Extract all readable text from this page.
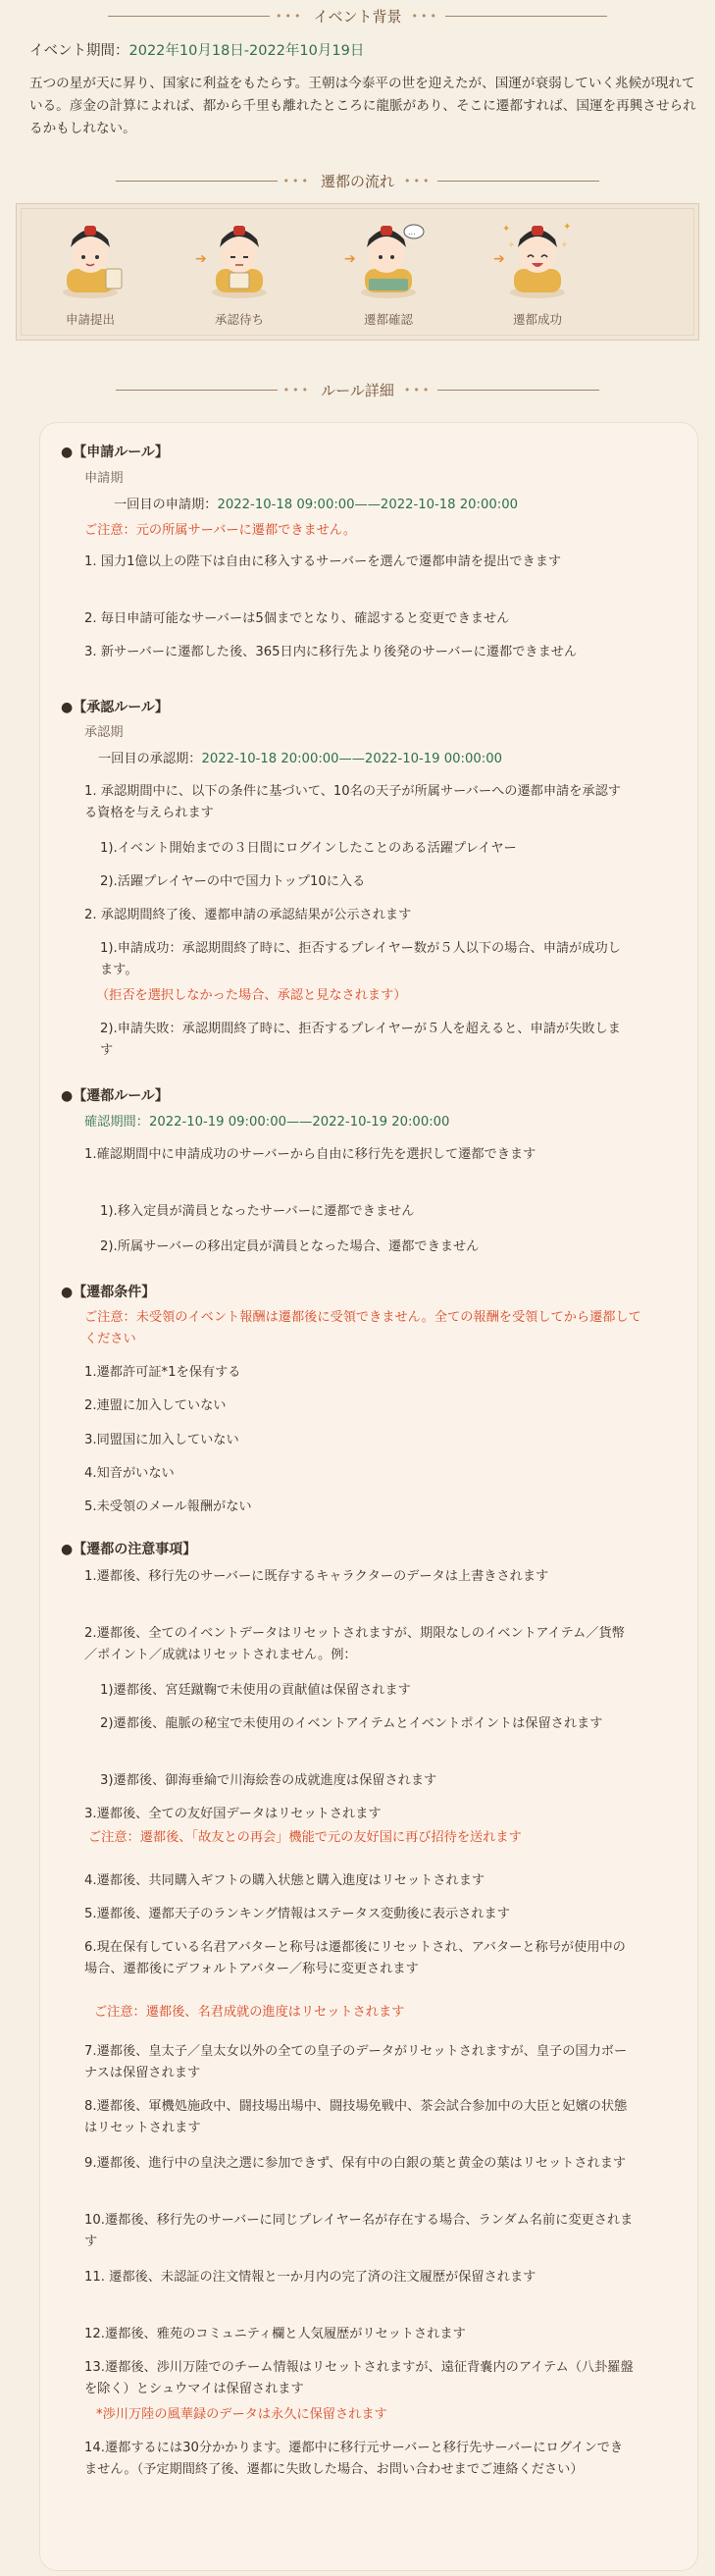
••• イベント背景 •••
イベント期間：2022年10月18日-2022年10月19日
五つの星が天に昇り、国家に利益をもたらす。王朝は今泰平の世を迎えたが、国運が衰弱していく兆候が現れている。彦金の計算によれば、都から千里も離れたところに龍脈があり、そこに遷都すれば、国運を再興させられるかもしれない。
••• 遷都の流れ •••
申請提出
➔
承認待ち
➔
...
遷都確認
➔
✦	✦
✧	✧
遷都成功
••• ルール詳細 •••
●【申請ルール】
申請期
一回目の申請期：2022-10-18 09:00:00——2022-10-18 20:00:00
ご注意：元の所属サーバーに遷都できません。
1. 国力1億以上の陛下は自由に移入するサーバーを選んで遷都申請を提出できます
2. 毎日申請可能なサーバーは5個までとなり、確認すると変更できません
3. 新サーバーに遷都した後、365日内に移行先より後発のサーバーに遷都できません
●【承認ルール】
承認期
一回目の承認期：2022-10-18 20:00:00——2022-10-19 00:00:00
1. 承認期間中に、以下の条件に基づいて、10名の天子が所属サーバーへの遷都申請を承認する資格を与えられます
1).イベント開始までの３日間にログインしたことのある活躍プレイヤー
2).活躍プレイヤーの中で国力トップ10に入る
2. 承認期間終了後、遷都申請の承認結果が公示されます
1).申請成功：承認期間終了時に、拒否するプレイヤー数が５人以下の場合、申請が成功します。
（拒否を選択しなかった場合、承認と見なされます）
2).申請失敗：承認期間終了時に、拒否するプレイヤーが５人を超えると、申請が失敗します
●【遷都ルール】
確認期間：2022-10-19 09:00:00——2022-10-19 20:00:00
1.確認期間中に申請成功のサーバーから自由に移行先を選択して遷都できます
1).移入定員が満員となったサーバーに遷都できません
2).所属サーバーの移出定員が満員となった場合、遷都できません
●【遷都条件】
ご注意：未受領のイベント報酬は遷都後に受領できません。全ての報酬を受領してから遷都してください
1.遷都許可証*1を保有する
2.連盟に加入していない
3.同盟国に加入していない
4.知音がいない
5.未受領のメール報酬がない
●【遷都の注意事項】
1.遷都後、移行先のサーバーに既存するキャラクターのデータは上書きされます
2.遷都後、全てのイベントデータはリセットされますが、期限なしのイベントアイテム／貨幣／ポイント／成就はリセットされません。例：
1)遷都後、宮廷蹴鞠で未使用の貢献値は保留されます
2)遷都後、龍脈の秘宝で未使用のイベントアイテムとイベントポイントは保留されます
3)遷都後、御海垂綸で川海絵巻の成就進度は保留されます
3.遷都後、全ての友好国データはリセットされます
ご注意：遷都後、「故友との再会」機能で元の友好国に再び招待を送れます
4.遷都後、共同購入ギフトの購入状態と購入進度はリセットされます
5.遷都後、遷都天子のランキング情報はステータス変動後に表示されます
6.現在保有している名君アバターと称号は遷都後にリセットされ、アバターと称号が使用中の場合、遷都後にデフォルトアバター／称号に変更されます
ご注意：遷都後、名君成就の進度はリセットされます
7.遷都後、皇太子／皇太女以外の全ての皇子のデータがリセットされますが、皇子の国力ボーナスは保留されます
8.遷都後、軍機処施政中、闘技場出場中、闘技場免戦中、茶会試合参加中の大臣と妃嬪の状態はリセットされます
9.遷都後、進行中の皇決之選に参加できず、保有中の白銀の葉と黄金の葉はリセットされます
10.遷都後、移行先のサーバーに同じプレイヤー名が存在する場合、ランダム名前に変更されます
11. 遷都後、未認証の注文情報と一か月内の完了済の注文履歴が保留されます
12.遷都後、雅苑のコミュニティ欄と人気履歴がリセットされます
13.遷都後、渉川万陸でのチーム情報はリセットされますが、遠征背嚢内のアイテム（八卦羅盤を除く）とシュウマイは保留されます
*渉川万陸の風華録のデータは永久に保留されます
14.遷都するには30分かかります。遷都中に移行元サーバーと移行先サーバーにログインできません。（予定期間終了後、遷都に失敗した場合、お問い合わせまでご連絡ください）
